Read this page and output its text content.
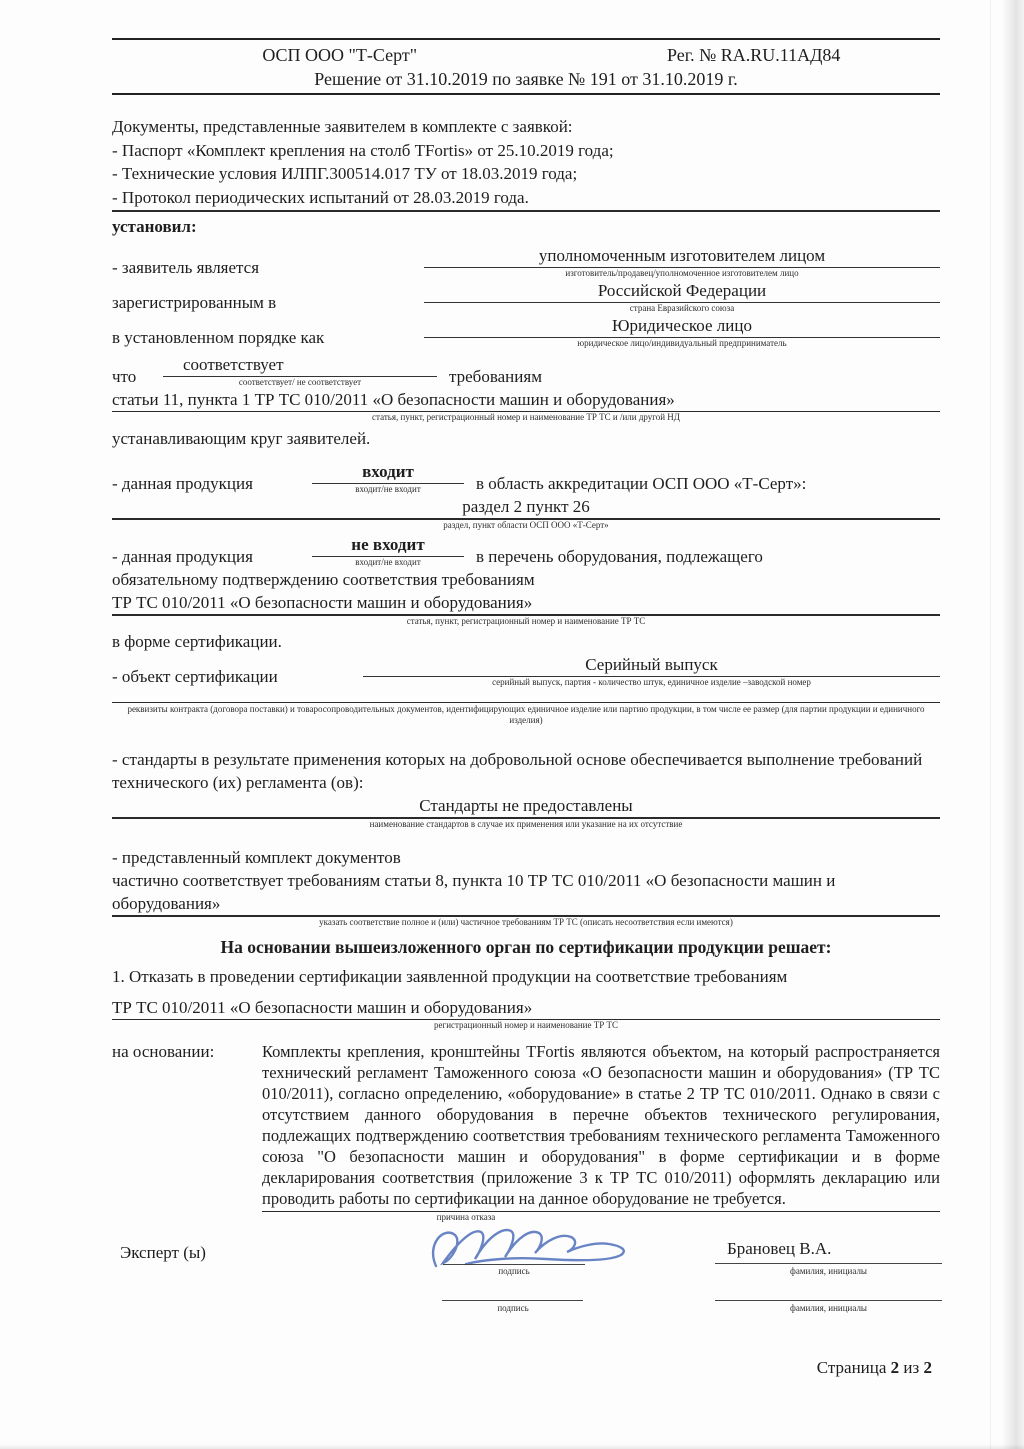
ОСП ООО "Т-Серт"	Рег. № RA.RU.11АД84
Решение от 31.10.2019 по заявке № 191 от 31.10.2019 г.
Документы, представленные заявителем в комплекте с заявкой:
- Паспорт «Комплект крепления на столб TFortis» от 25.10.2019 года;
- Технические условия ИЛПГ.300514.017 ТУ от 18.03.2019 года;
- Протокол периодических испытаний от 28.03.2019 года.
установил:
- заявитель является
уполномоченным изготовителем лицом
изготовитель/продавец/уполномоченное изготовителем лицо
зарегистрированным в
Российской Федерации
страна Евразийского союза
в установленном порядке как
Юридическое лицо
юридическое лицо/индивидуальный предприниматель
что
соответствует
соответствует/ не соответствует	требованиям
статьи 11, пункта 1 ТР ТС 010/2011 «О безопасности машин и оборудования»
статья, пункт, регистрационный номер и наименование ТР ТС и /или другой НД
устанавливающим круг заявителей.
- данная продукция
входит
входит/не входит	в область аккредитации ОСП ООО «Т-Серт»:
раздел 2 пункт 26
раздел, пункт области ОСП ООО «Т-Серт»
- данная продукция
не входит
входит/не входит	в перечень оборудования, подлежащего
обязательному подтверждению соответствия требованиям
ТР ТС 010/2011 «О безопасности машин и оборудования»
статья, пункт, регистрационный номер и наименование ТР ТС
в форме сертификации.
- объект сертификации
Серийный выпуск
серийный выпуск, партия - количество штук, единичное изделие –заводской номер
реквизиты контракта (договора поставки) и товаросопроводительных документов, идентифицирующих единичное изделие или партию продукции, в том числе ее размер (для партии продукции и единичного изделия)
- стандарты в результате применения которых на добровольной основе обеспечивается выполнение требований технического (их) регламента (ов):
Стандарты не предоставлены
наименование стандартов в случае их применения или указание на их отсутствие
- представленный комплект документов
частично соответствует требованиям статьи 8, пункта 10 ТР ТС 010/2011 «О безопасности машин и оборудования»
указать соответствие полное и (или) частичное требованиям ТР ТС (описать несоответствия если имеются)
На основании вышеизложенного орган по сертификации продукции решает:
1. Отказать в проведении сертификации заявленной продукции на соответствие требованиям
ТР ТС 010/2011 «О безопасности машин и оборудования»
регистрационный номер и наименование ТР ТС
на основании:	Комплекты крепления, кронштейны TFortis являются объектом, на который распространяется технический регламент Таможенного союза «О безопасности машин и оборудования» (ТР ТС 010/2011), согласно определению, «оборудование» в статье 2 ТР ТС 010/2011. Однако в связи с отсутствием данного оборудования в перечне объектов технического регулирования, подлежащих подтверждению соответствия требованиям технического регламента Таможенного союза "О безопасности машин и оборудования" в форме сертификации и в форме декларирования соответствия (приложение 3 к ТР ТС 010/2011) оформлять декларацию или проводить работы по сертификации на данное оборудование не требуется.
причина отказа
Эксперт (ы)
подпись
Брановец В.А.
фамилия, инициалы
подпись	фамилия, инициалы
Страница 2 из 2
